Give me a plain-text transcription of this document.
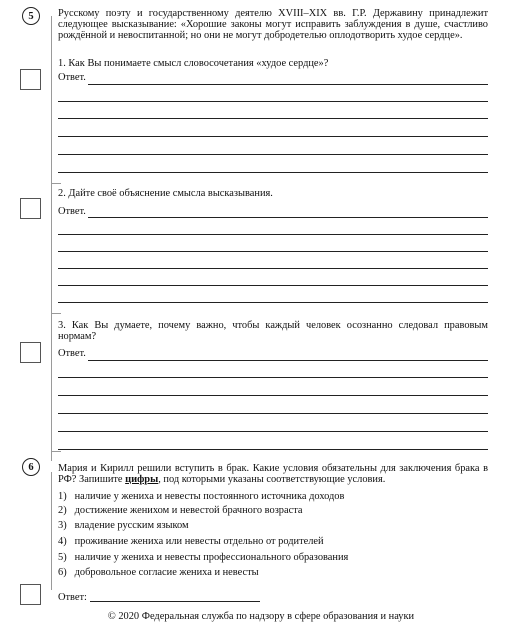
5 Русскому поэту и государственному деятелю XVIII–XIX вв. Г.Р. Державину принадлежит следующее высказывание: «Хорошие законы могут исправить заблуждения в душе, счастливо рождённой и невоспитанной; но они не могут добродетелью оплодотворить худое сердце».
1. Как Вы понимаете смысл словосочетания «худое сердце»?
Ответ.
2. Дайте своё объяснение смысла высказывания.
Ответ.
3. Как Вы думаете, почему важно, чтобы каждый человек осознанно следовал правовым нормам?
Ответ.
6 Мария и Кирилл решили вступить в брак. Какие условия обязательны для заключения брака в РФ? Запишите цифры, под которыми указаны соответствующие условия.
1) наличие у жениха и невесты постоянного источника доходов
2) достижение женихом и невестой брачного возраста
3) владение русским языком
4) проживание жениха или невесты отдельно от родителей
5) наличие у жениха и невесты профессионального образования
6) добровольное согласие жениха и невесты
Ответ:
© 2020 Федеральная служба по надзору в сфере образования и науки
